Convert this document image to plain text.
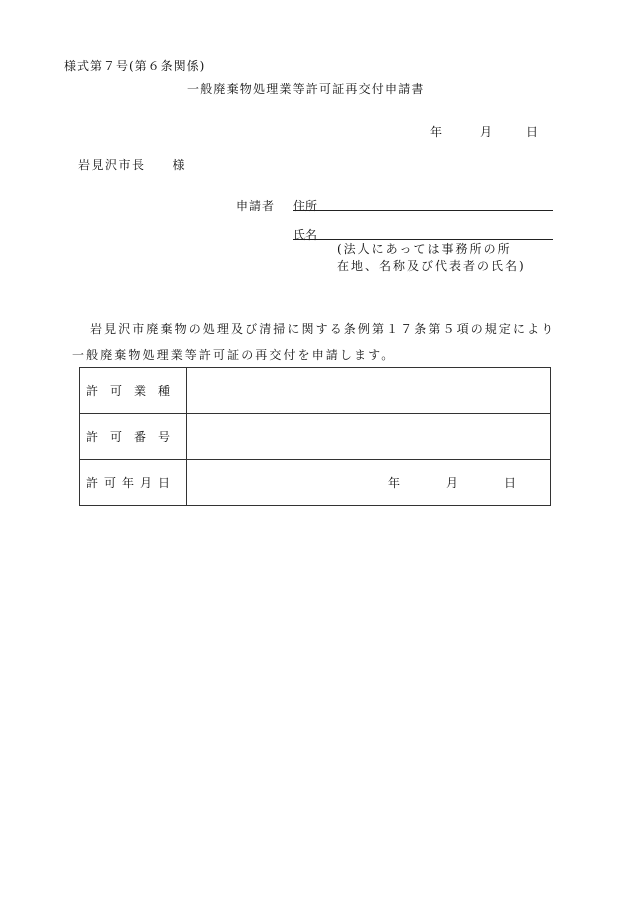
様式第７号(第６条関係)
一般廃棄物処理業等許可証再交付申請書
年	月	日
岩見沢市長　　様
申請者 住所
氏名
(法人にあっては事務所の所
在地、名称及び代表者の氏名)
岩見沢市廃棄物の処理及び清掃に関する条例第１７条第５項の規定により
一般廃棄物処理業等許可証の再交付を申請します。
許 可 業 種	

許 可 番 号	

許 可 年 月 日	年 月 日
